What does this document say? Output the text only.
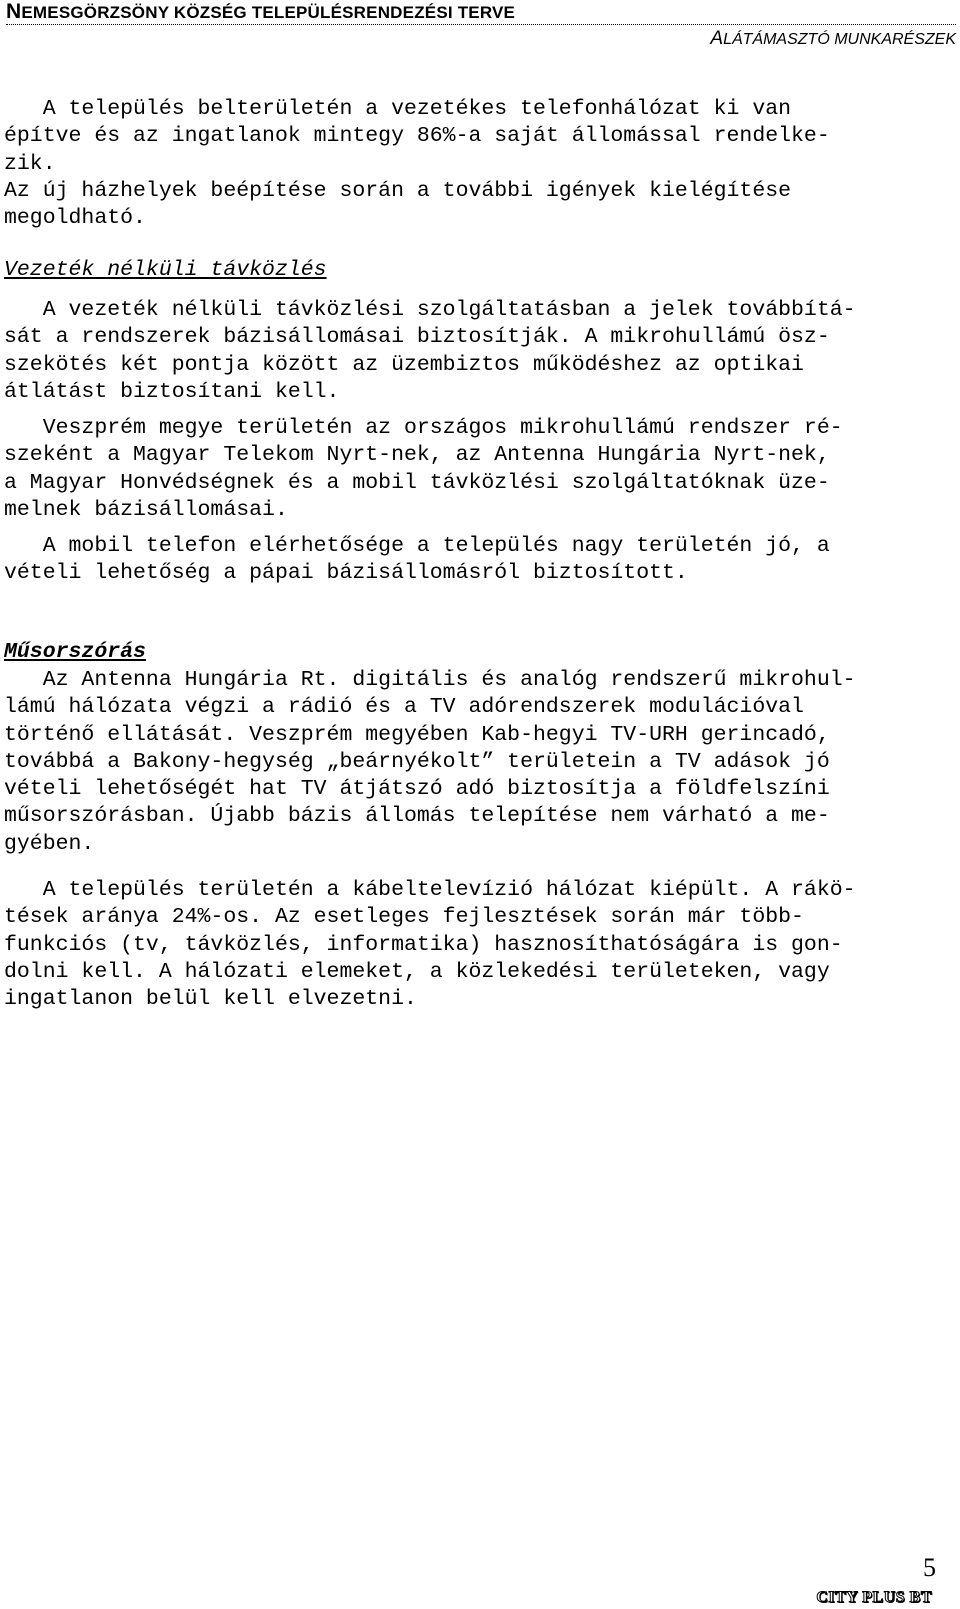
NEMESGÖRZSÖNY KÖZSÉG TELEPÜLÉSRENDEZÉSI TERVE
ALÁTÁMASZTÓ MUNKARÉSZEK
A település belterületén a vezetékes telefonhálózat ki van
építve és az ingatlanok mintegy 86%-a saját állomással rendelke-
zik.
Az új házhelyek beépítése során a további igények kielégítése
megoldható.
Vezeték nélküli távközlés
A vezeték nélküli távközlési szolgáltatásban a jelek továbbítá-
sát a rendszerek bázisállomásai biztosítják. A mikrohullámú ösz-
szekötés két pontja között az üzembiztos működéshez az optikai
átlátást biztosítani kell.
Veszprém megye területén az országos mikrohullámú rendszer ré-
szeként a Magyar Telekom Nyrt-nek, az Antenna Hungária Nyrt-nek,
a Magyar Honvédségnek és a mobil távközlési szolgáltatóknak üze-
melnek bázisállomásai.
A mobil telefon elérhetősége a település nagy területén jó, a
vételi lehetőség a pápai bázisállomásról biztosított.
Műsorszórás
Az Antenna Hungária Rt. digitális és analóg rendszerű mikrohul-
lámú hálózata végzi a rádió és a TV adórendszerek modulációval
történő ellátását. Veszprém megyében Kab-hegyi TV-URH gerincadó,
továbbá a Bakony-hegység „beárnyékolt” területein a TV adások jó
vételi lehetőségét hat TV átjátszó adó biztosítja a földfelszíni
műsorszórásban. Újabb bázis állomás telepítése nem várható a me-
gyében.
A település területén a kábeltelevízió hálózat kiépült. A rákö-
tések aránya 24%-os. Az esetleges fejlesztések során már több-
funkciós (tv, távközlés, informatika) hasznosíthatóságára is gon-
dolni kell. A hálózati elemeket, a közlekedési területeken, vagy
ingatlanon belül kell elvezetni.
5
CITY PLUS BT
